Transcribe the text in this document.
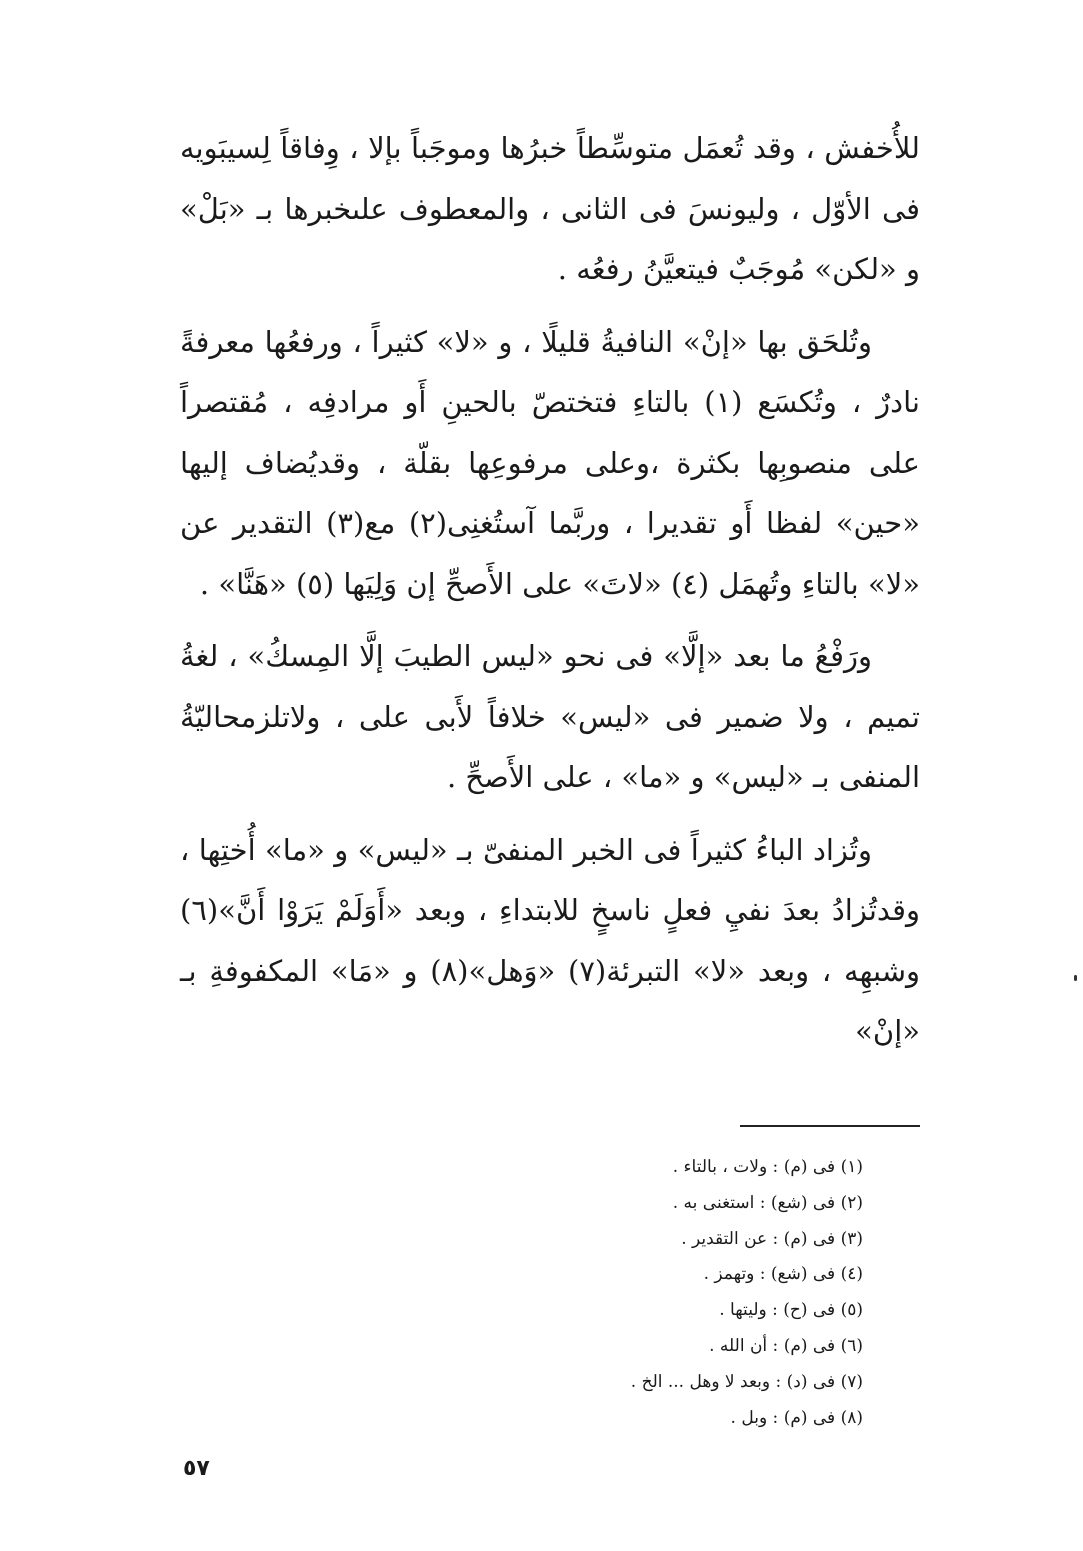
للأُخفش ، وقد تُعمَل متوسِّطاً خبرُها وموجَباً بإلا ، وِفاقاً لِسيبَويه فى الأوّل ، وليونسَ فى الثانى ، والمعطوف علىخبرها بـ «بَلْ» و «لكن» مُوجَبٌ فيتعيَّنُ رفعُه .

وتُلحَق بها «إنْ» النافيةُ قليلًا ، و «لا» كثيراً ، ورفعُها معرفةً نادرٌ ، وتُكسَع (١) بالتاءِ فتختصّ بالحينِ أَو مرادفِه ، مُقتصراً على منصوبِها بكثرة ،وعلى مرفوعِها بقلّة ، وقديُضاف إليها «حين» لفظا أَو تقديرا ، وربَّما آستُغنِى(٢) مع(٣) التقدير عن «لا» بالتاءِ وتُهمَل (٤) «لاتَ» على الأَصحِّ إن وَلِيَها (٥) «هَنَّا» .

ورَفْعُ ما بعد «إلَّا» فى نحو «ليس الطيبَ إلَّا المِسكُ» ، لغةُ تميم ، ولا ضمير فى «ليس» خلافاً لأَبى على ، ولاتلزمحاليّةُ المنفى بـ «ليس» و «ما» ، على الأَصحِّ .

وتُزاد الباءُ كثيراً فى الخبر المنفىّ بـ «ليس» و «ما» أُختِها ، وقدتُزادُ بعدَ نفيِ فعلٍ ناسخٍ للابتداءِ ، وبعد «أَوَلَمْ يَرَوْا أَنَّ»(٦) وشبهِه ، وبعد «لا» التبرئة(٧) «وَهل»(٨) و «مَا» المكفوفةِ بـ «إنْ»

(١) فى (م) : ولات ، بالتاء .
(٢) فى (شع) : استغنى به .
(٣) فى (م) : عن التقدير .
(٤) فى (شع) : وتهمز .
(٥) فى (ح) : وليتها .
(٦) فى (م) : أن الله .
(٧) فى (د) : وبعد لا وهل ... الخ .
(٨) فى (م) : وبل .
٥٧
